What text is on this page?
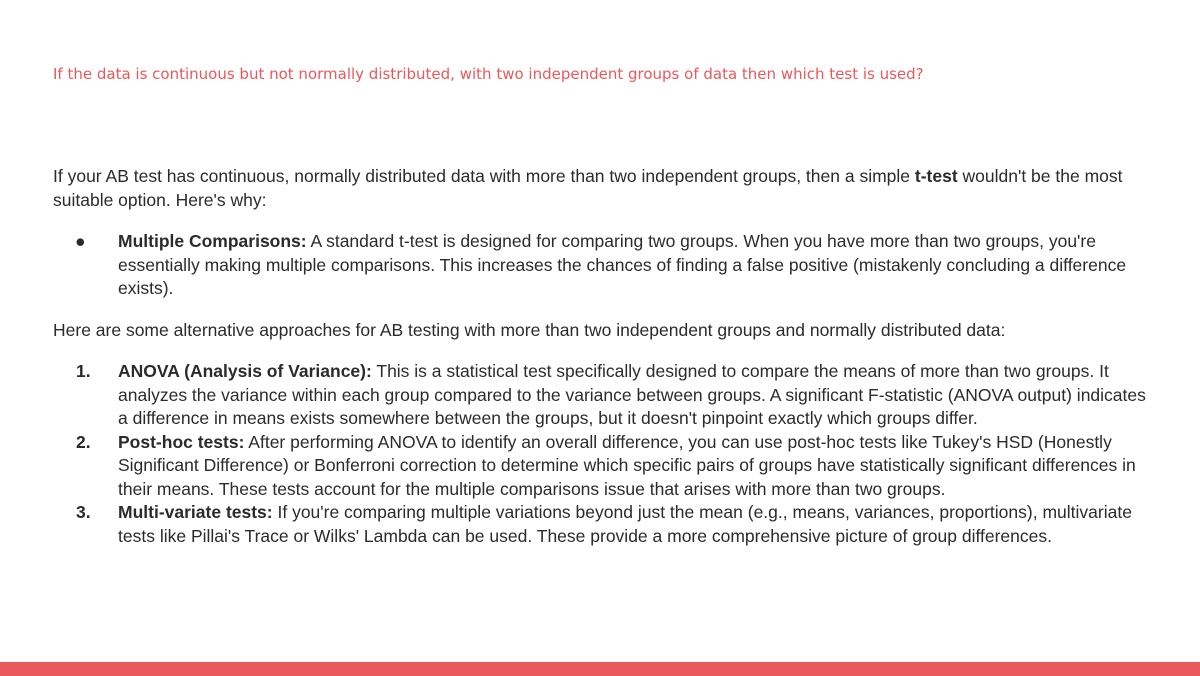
If the data is continuous but not normally distributed, with two independent groups of data then which test is used?

If your AB test has continuous, normally distributed data with more than two independent groups, then a simple t-test wouldn't be the most suitable option. Here's why:

● Multiple Comparisons: A standard t-test is designed for comparing two groups. When you have more than two groups, you're essentially making multiple comparisons. This increases the chances of finding a false positive (mistakenly concluding a difference exists).

Here are some alternative approaches for AB testing with more than two independent groups and normally distributed data:

1. ANOVA (Analysis of Variance): This is a statistical test specifically designed to compare the means of more than two groups. It analyzes the variance within each group compared to the variance between groups. A significant F-statistic (ANOVA output) indicates a difference in means exists somewhere between the groups, but it doesn't pinpoint exactly which groups differ.
2. Post-hoc tests: After performing ANOVA to identify an overall difference, you can use post-hoc tests like Tukey's HSD (Honestly Significant Difference) or Bonferroni correction to determine which specific pairs of groups have statistically significant differences in their means. These tests account for the multiple comparisons issue that arises with more than two groups.
3. Multi-variate tests: If you're comparing multiple variations beyond just the mean (e.g., means, variances, proportions), multivariate tests like Pillai's Trace or Wilks' Lambda can be used. These provide a more comprehensive picture of group differences.
